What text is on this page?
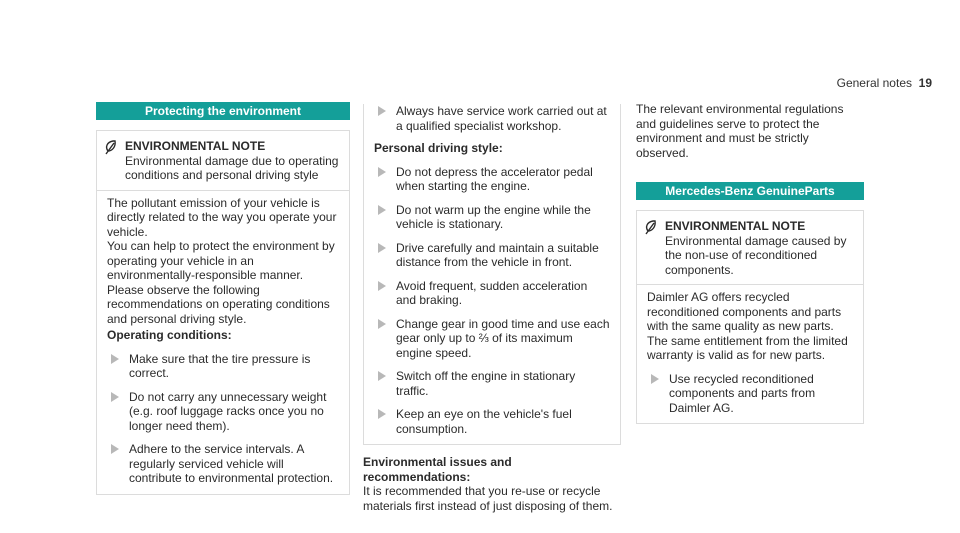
General notes 19
Protecting the environment
ENVIRONMENTAL NOTE Environmental damage due to operating conditions and personal driving style

The pollutant emission of your vehicle is directly related to the way you operate your vehicle.

You can help to protect the environment by operating your vehicle in an environmentally-responsible manner. Please observe the following recommendations on operating conditions and personal driving style.

Operating conditions:
Make sure that the tire pressure is correct.
Do not carry any unnecessary weight (e.g. roof luggage racks once you no longer need them).
Adhere to the service intervals. A regularly serviced vehicle will contribute to environmental protection.
Always have service work carried out at a qualified specialist workshop.
Personal driving style:
Do not depress the accelerator pedal when starting the engine.
Do not warm up the engine while the vehicle is stationary.
Drive carefully and maintain a suitable distance from the vehicle in front.
Avoid frequent, sudden acceleration and braking.
Change gear in good time and use each gear only up to ⅔ of its maximum engine speed.
Switch off the engine in stationary traffic.
Keep an eye on the vehicle's fuel consumption.
Environmental issues and recommendations:

It is recommended that you re-use or recycle materials first instead of just disposing of them.

The relevant environmental regulations and guidelines serve to protect the environment and must be strictly observed.

Mercedes-Benz GenuineParts
ENVIRONMENTAL NOTE Environmental damage caused by the non-use of reconditioned components.

Daimler AG offers recycled reconditioned components and parts with the same quality as new parts. The same entitlement from the limited warranty is valid as for new parts.

Use recycled reconditioned components and parts from Daimler AG.
